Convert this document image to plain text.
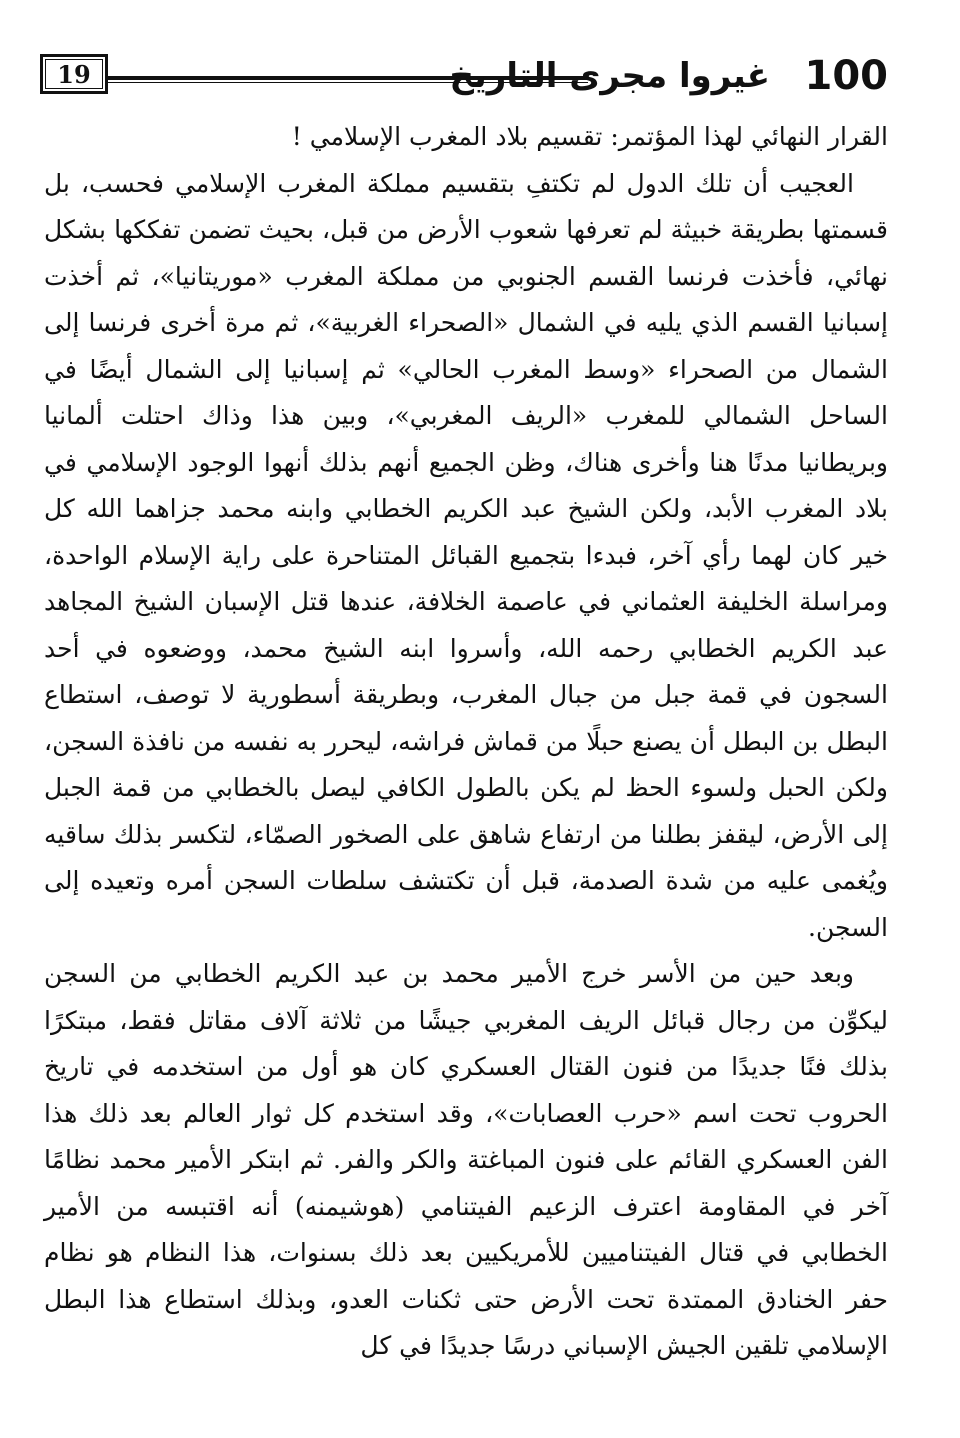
19	غيروا مجرى التاريخ 100

القرار النهائي لهذا المؤتمر: تقسيم بلاد المغرب الإسلامي !

العجيب أن تلك الدول لم تكتفِ بتقسيم مملكة المغرب الإسلامي فحسب، بل قسمتها بطريقة خبيثة لم تعرفها شعوب الأرض من قبل، بحيث تضمن تفككها بشكل نهائي، فأخذت فرنسا القسم الجنوبي من مملكة المغرب «موريتانيا»، ثم أخذت إسبانيا القسم الذي يليه في الشمال «الصحراء الغربية»، ثم مرة أخرى فرنسا إلى الشمال من الصحراء «وسط المغرب الحالي» ثم إسبانيا إلى الشمال أيضًا في الساحل الشمالي للمغرب «الريف المغربي»، وبين هذا وذاك احتلت ألمانيا وبريطانيا مدنًا هنا وأخرى هناك، وظن الجميع أنهم بذلك أنهوا الوجود الإسلامي في بلاد المغرب الأبد، ولكن الشيخ عبد الكريم الخطابي وابنه محمد جزاهما الله كل خير كان لهما رأي آخر، فبدءا بتجميع القبائل المتناحرة على راية الإسلام الواحدة، ومراسلة الخليفة العثماني في عاصمة الخلافة، عندها قتل الإسبان الشيخ المجاهد عبد الكريم الخطابي رحمه الله، وأسروا ابنه الشيخ محمد، ووضعوه في أحد السجون في قمة جبل من جبال المغرب، وبطريقة أسطورية لا توصف، استطاع البطل بن البطل أن يصنع حبلًا من قماش فراشه، ليحرر به نفسه من نافذة السجن، ولكن الحبل ولسوء الحظ لم يكن بالطول الكافي ليصل بالخطابي من قمة الجبل إلى الأرض، ليقفز بطلنا من ارتفاع شاهق على الصخور الصمّاء، لتكسر بذلك ساقيه ويُغمى عليه من شدة الصدمة، قبل أن تكتشف سلطات السجن أمره وتعيده إلى السجن.

وبعد حين من الأسر خرج الأمير محمد بن عبد الكريم الخطابي من السجن ليكوِّن من رجال قبائل الريف المغربي جيشًا من ثلاثة آلاف مقاتل فقط، مبتكرًا بذلك فنًا جديدًا من فنون القتال العسكري كان هو أول من استخدمه في تاريخ الحروب تحت اسم «حرب العصابات»، وقد استخدم كل ثوار العالم بعد ذلك هذا الفن العسكري القائم على فنون المباغتة والكر والفر. ثم ابتكر الأمير محمد نظامًا آخر في المقاومة اعترف الزعيم الفيتنامي (هوشيمنه) أنه اقتبسه من الأمير الخطابي في قتال الفيتناميين للأمريكيين بعد ذلك بسنوات، هذا النظام هو نظام حفر الخنادق الممتدة تحت الأرض حتى ثكنات العدو، وبذلك استطاع هذا البطل الإسلامي تلقين الجيش الإسباني درسًا جديدًا في كل
